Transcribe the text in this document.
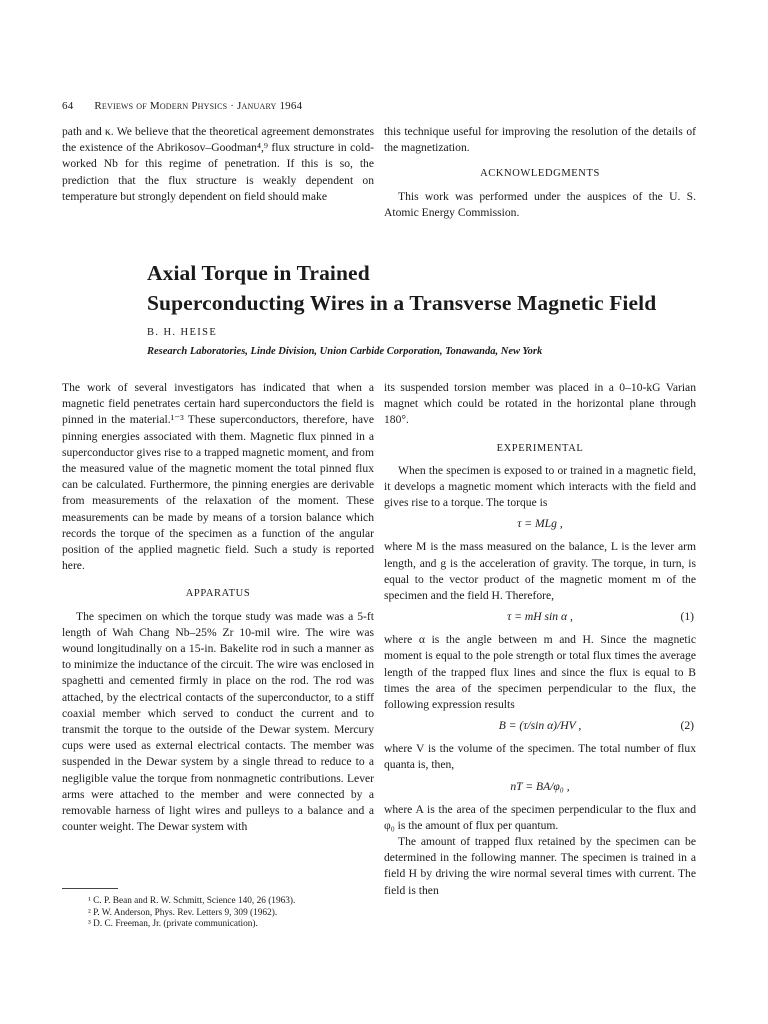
64 Reviews of Modern Physics · January 1964

path and κ. We believe that the theoretical agreement demonstrates the existence of the Abrikosov–Goodman⁴,⁹ flux structure in cold-worked Nb for this regime of penetration. If this is so, the prediction that the flux structure is weakly dependent on temperature but strongly dependent on field should make

this technique useful for improving the resolution of the details of the magnetization.

ACKNOWLEDGMENTS

This work was performed under the auspices of the U. S. Atomic Energy Commission.

Axial Torque in Trained
Superconducting Wires in a Transverse Magnetic Field
B. H. HEISE
Research Laboratories, Linde Division, Union Carbide Corporation, Tonawanda, New York

The work of several investigators has indicated that when a magnetic field penetrates certain hard superconductors the field is pinned in the material.¹⁻³ These superconductors, therefore, have pinning energies associated with them. Magnetic flux pinned in a superconductor gives rise to a trapped magnetic moment, and from the measured value of the magnetic moment the total pinned flux can be calculated. Furthermore, the pinning energies are derivable from measurements of the relaxation of the moment. These measurements can be made by means of a torsion balance which records the torque of the specimen as a function of the angular position of the applied magnetic field. Such a study is reported here.

APPARATUS

The specimen on which the torque study was made was a 5-ft length of Wah Chang Nb–25% Zr 10-mil wire. The wire was wound longitudinally on a 15-in. Bakelite rod in such a manner as to minimize the inductance of the circuit. The wire was enclosed in spaghetti and cemented firmly in place on the rod. The rod was attached, by the electrical contacts of the superconductor, to a stiff coaxial member which served to conduct the current and to transmit the torque to the outside of the Dewar system. Mercury cups were used as external electrical contacts. The member was suspended in the Dewar system by a single thread to reduce to a negligible value the torque from nonmagnetic contributions. Lever arms were attached to the member and were connected by a removable harness of light wires and pulleys to a balance and a counter weight. The Dewar system with

¹ C. P. Bean and R. W. Schmitt, Science 140, 26 (1963).
² P. W. Anderson, Phys. Rev. Letters 9, 309 (1962).
³ D. C. Freeman, Jr. (private communication).

its suspended torsion member was placed in a 0–10-kG Varian magnet which could be rotated in the horizontal plane through 180°.

EXPERIMENTAL

When the specimen is exposed to or trained in a magnetic field, it develops a magnetic moment which interacts with the field and gives rise to a torque. The torque is

τ = MLg ,

where M is the mass measured on the balance, L is the lever arm length, and g is the acceleration of gravity. The torque, in turn, is equal to the vector product of the magnetic moment m of the specimen and the field H. Therefore,

τ = mH sin α ,	(1)

where α is the angle between m and H. Since the magnetic moment is equal to the pole strength or total flux times the average length of the trapped flux lines and since the flux is equal to B times the area of the specimen perpendicular to the flux, the following expression results

B = (τ/sin α)/HV ,	(2)

where V is the volume of the specimen. The total number of flux quanta is, then,

nT = BA/φ₀ ,

where A is the area of the specimen perpendicular to the flux and φ₀ is the amount of flux per quantum.

The amount of trapped flux retained by the specimen can be determined in the following manner. The specimen is trained in a field H by driving the wire normal several times with current. The field is then
